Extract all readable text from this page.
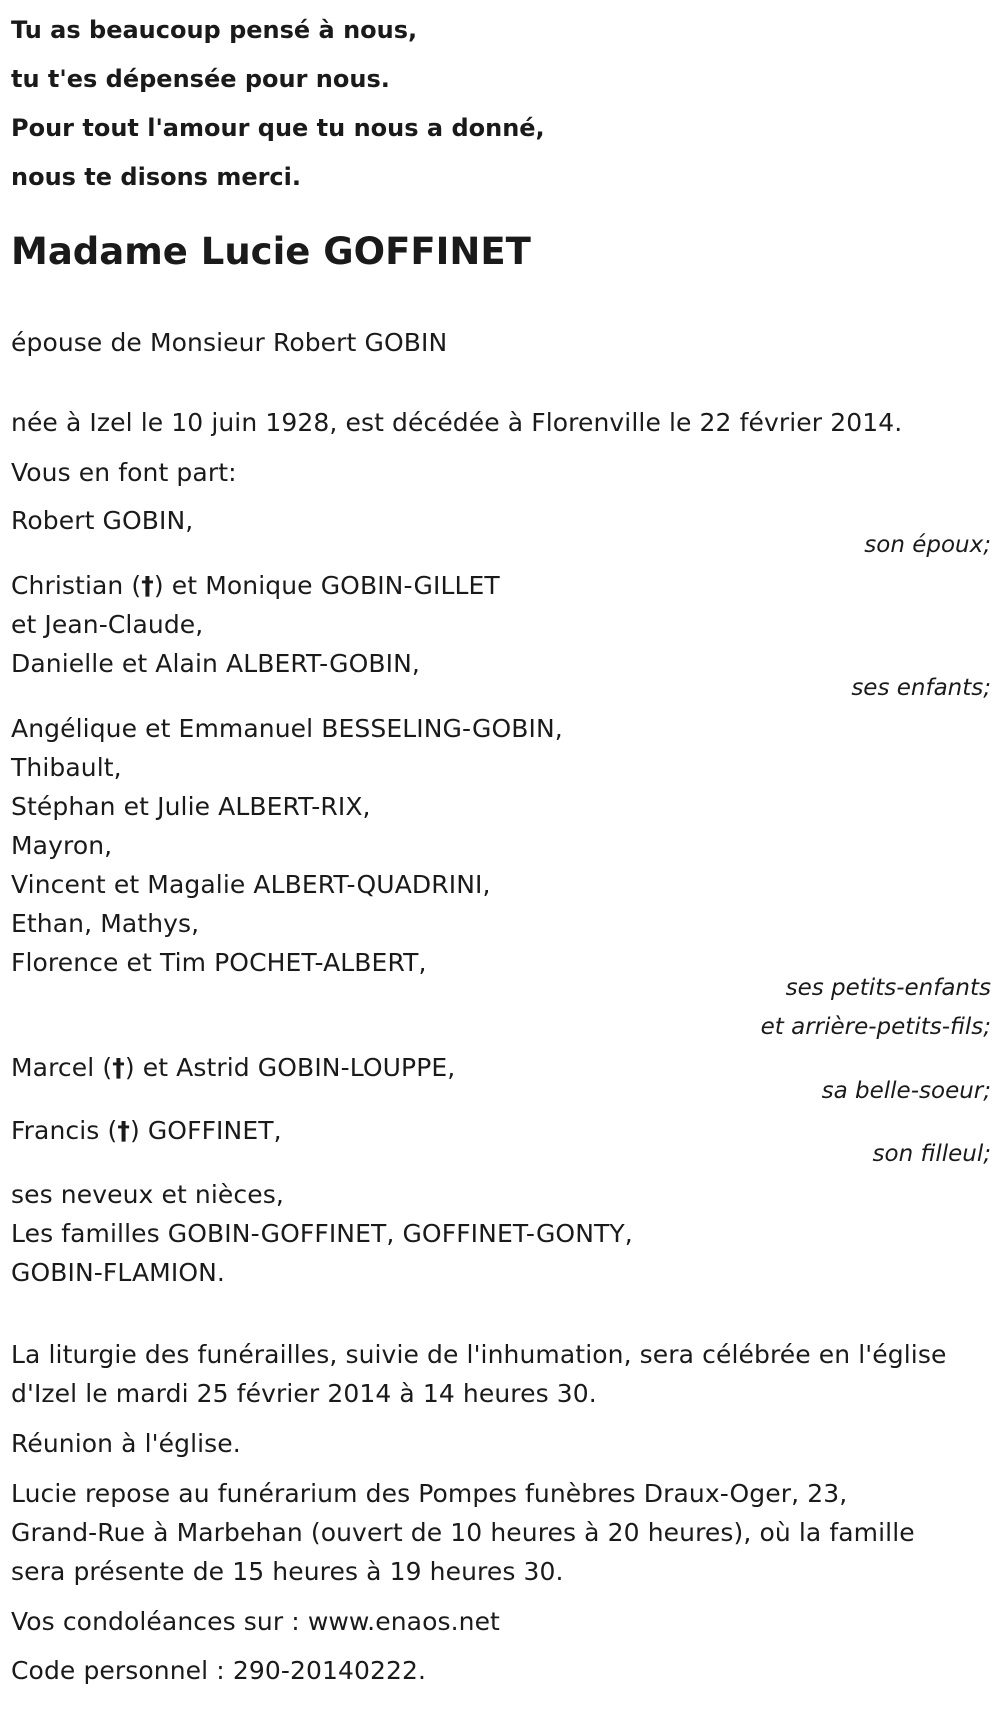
Tu as beaucoup pensé à nous,
tu t'es dépensée pour nous.
Pour tout l'amour que tu nous a donné,
nous te disons merci.
Madame Lucie GOFFINET
épouse de Monsieur Robert GOBIN
née à Izel le 10 juin 1928, est décédée à Florenville le 22 février 2014.
Vous en font part:
Robert GOBIN,
son époux;
Christian (†) et Monique GOBIN-GILLET
et Jean-Claude,
Danielle et Alain ALBERT-GOBIN,
ses enfants;
Angélique et Emmanuel BESSELING-GOBIN,
Thibault,
Stéphan et Julie ALBERT-RIX,
Mayron,
Vincent et Magalie ALBERT-QUADRINI,
Ethan, Mathys,
Florence et Tim POCHET-ALBERT,
ses petits-enfants
et arrière-petits-fils;
Marcel (†) et Astrid GOBIN-LOUPPE,
sa belle-soeur;
Francis (†) GOFFINET,
son filleul;
ses neveux et nièces,
Les familles GOBIN-GOFFINET, GOFFINET-GONTY,
GOBIN-FLAMION.
La liturgie des funérailles, suivie de l'inhumation, sera célébrée en l'église
d'Izel le mardi 25 février 2014 à 14 heures 30.
Réunion à l'église.
Lucie repose au funérarium des Pompes funèbres Draux-Oger, 23,
Grand-Rue à Marbehan (ouvert de 10 heures à 20 heures), où la famille
sera présente de 15 heures à 19 heures 30.
Vos condoléances sur : www.enaos.net
Code personnel : 290-20140222.
